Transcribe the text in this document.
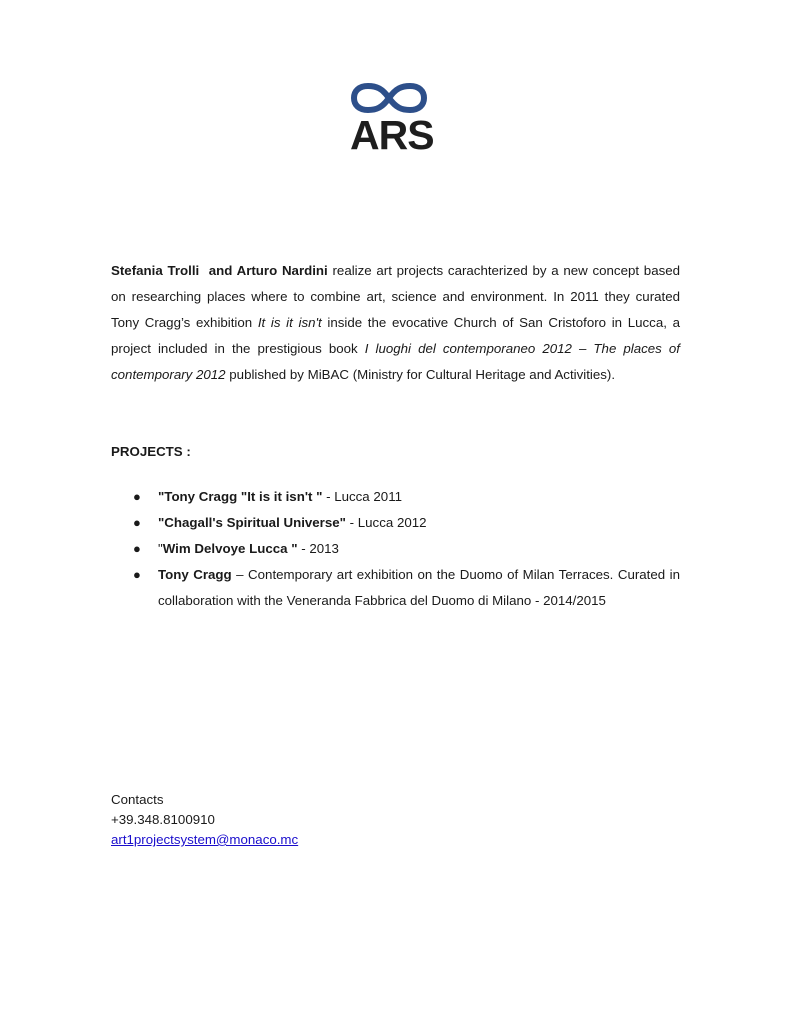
ARS

Stefania Trolli and Arturo Nardini realize art projects carachterized by a new concept based on researching places where to combine art, science and environment. In 2011 they curated Tony Cragg’s exhibition It is it isn't inside the evocative Church of San Cristoforo in Lucca, a project included in the prestigious book I luoghi del contemporaneo 2012 – The places of contemporary 2012 published by MiBAC (Ministry for Cultural Heritage and Activities).

PROJECTS :

● "Tony Cragg "It is it isn't " - Lucca 2011
● "Chagall's Spiritual Universe" - Lucca 2012
● "Wim Delvoye Lucca " - 2013
● Tony Cragg – Contemporary art exhibition on the Duomo of Milan Terraces. Curated in collaboration with the Veneranda Fabbrica del Duomo di Milano - 2014/2015
Contacts
+39.348.8100910
art1projectsystem@monaco.mc
